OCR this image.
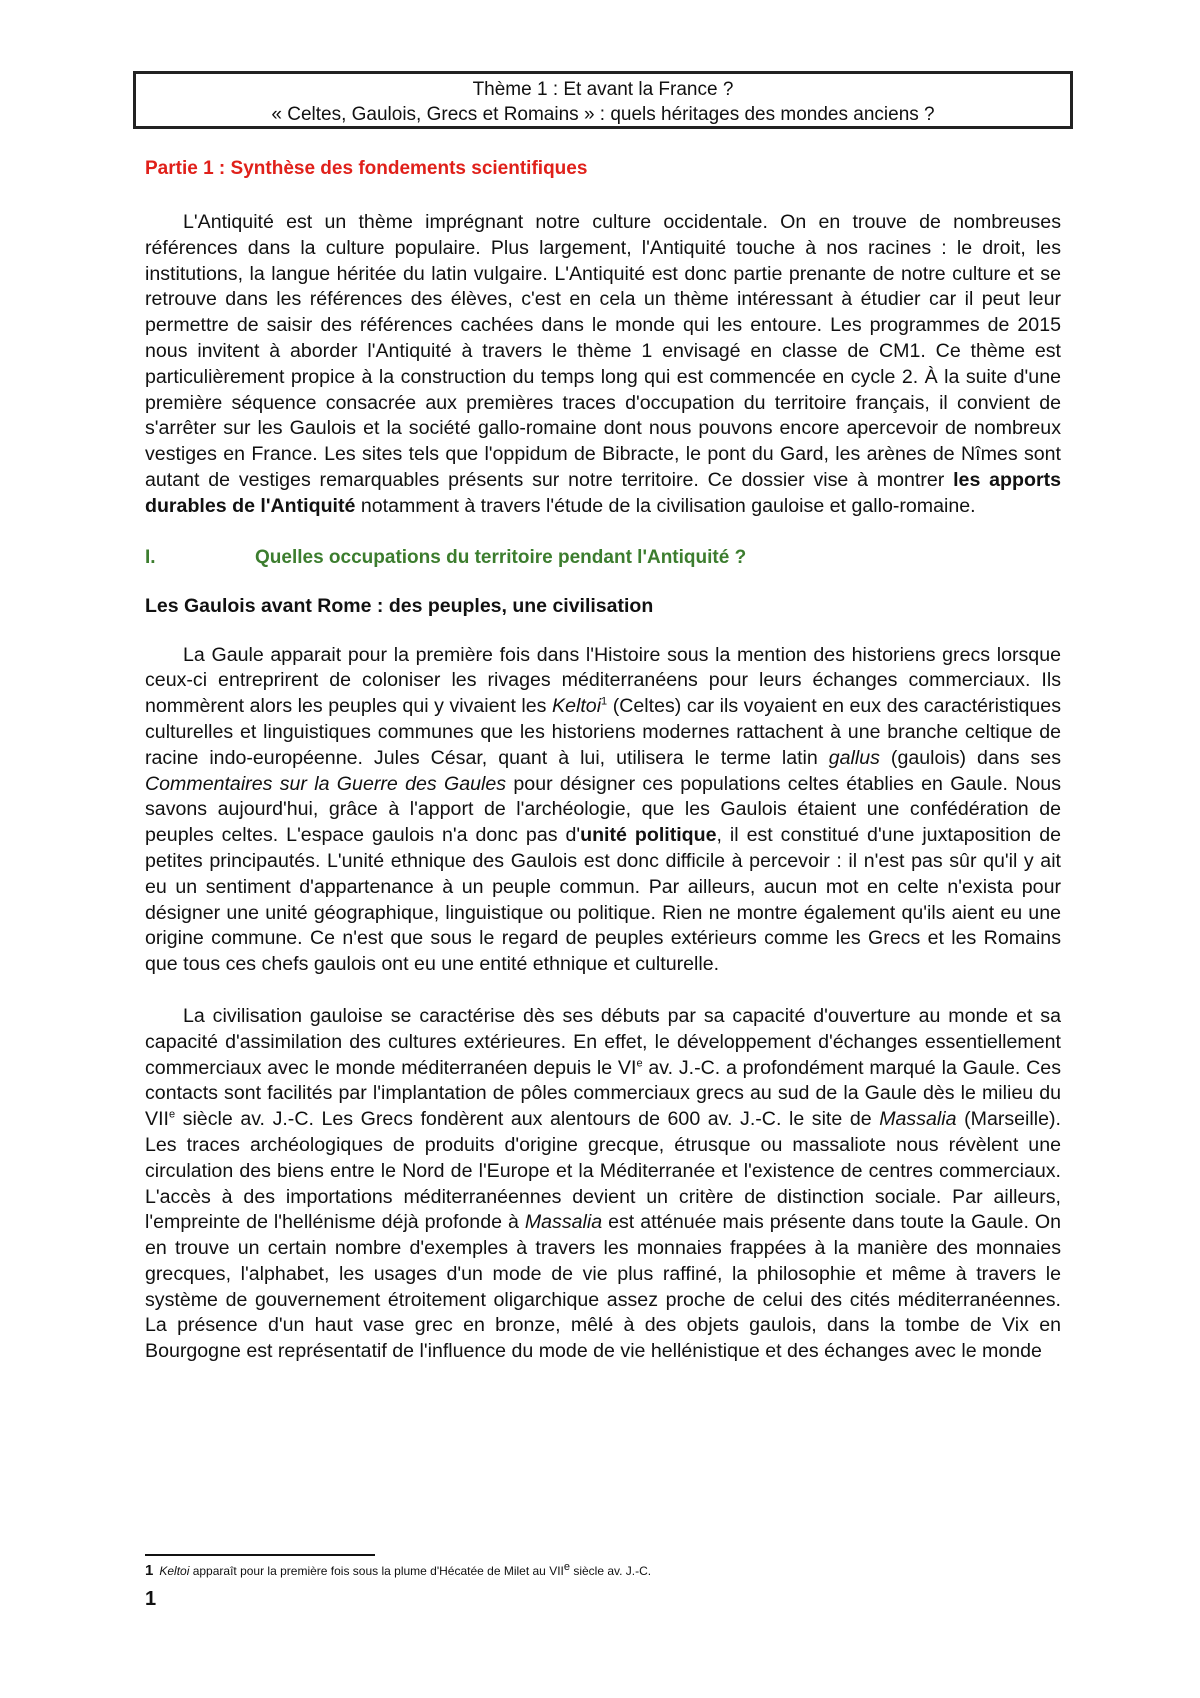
Thème 1 : Et avant la France ?
« Celtes, Gaulois, Grecs et Romains » : quels héritages des mondes anciens ?
Partie 1 : Synthèse des fondements scientifiques

L'Antiquité est un thème imprégnant notre culture occidentale. On en trouve de nombreuses références dans la culture populaire. Plus largement, l'Antiquité touche à nos racines : le droit, les institutions, la langue héritée du latin vulgaire. L'Antiquité est donc partie prenante de notre culture et se retrouve dans les références des élèves, c'est en cela un thème intéressant à étudier car il peut leur permettre de saisir des références cachées dans le monde qui les entoure. Les programmes de 2015 nous invitent à aborder l'Antiquité à travers le thème 1 envisagé en classe de CM1. Ce thème est particulièrement propice à la construction du temps long qui est commencée en cycle 2. À la suite d'une première séquence consacrée aux premières traces d'occupation du territoire français, il convient de s'arrêter sur les Gaulois et la société gallo-romaine dont nous pouvons encore apercevoir de nombreux vestiges en France. Les sites tels que l'oppidum de Bibracte, le pont du Gard, les arènes de Nîmes sont autant de vestiges remarquables présents sur notre territoire. Ce dossier vise à montrer les apports durables de l'Antiquité notamment à travers l'étude de la civilisation gauloise et gallo-romaine.

I.	Quelles occupations du territoire pendant l'Antiquité ?
Les Gaulois avant Rome : des peuples, une civilisation

La Gaule apparait pour la première fois dans l'Histoire sous la mention des historiens grecs lorsque ceux-ci entreprirent de coloniser les rivages méditerranéens pour leurs échanges commerciaux. Ils nommèrent alors les peuples qui y vivaient les Keltoi$^1$ (Celtes) car ils voyaient en eux des caractéristiques culturelles et linguistiques communes que les historiens modernes rattachent à une branche celtique de racine indo-européenne. Jules César, quant à lui, utilisera le terme latin gallus (gaulois) dans ses Commentaires sur la Guerre des Gaules pour désigner ces populations celtes établies en Gaule. Nous savons aujourd'hui, grâce à l'apport de l'archéologie, que les Gaulois étaient une confédération de peuples celtes. L'espace gaulois n'a donc pas d'unité politique, il est constitué d'une juxtaposition de petites principautés. L'unité ethnique des Gaulois est donc difficile à percevoir : il n'est pas sûr qu'il y ait eu un sentiment d'appartenance à un peuple commun. Par ailleurs, aucun mot en celte n'exista pour désigner une unité géographique, linguistique ou politique. Rien ne montre également qu'ils aient eu une origine commune. Ce n'est que sous le regard de peuples extérieurs comme les Grecs et les Romains que tous ces chefs gaulois ont eu une entité ethnique et culturelle.

La civilisation gauloise se caractérise dès ses débuts par sa capacité d'ouverture au monde et sa capacité d'assimilation des cultures extérieures. En effet, le développement d'échanges essentiellement commerciaux avec le monde méditerranéen depuis le VIe av. J.-C. a profondément marqué la Gaule. Ces contacts sont facilités par l'implantation de pôles commerciaux grecs au sud de la Gaule dès le milieu du VIIe siècle av. J.-C. Les Grecs fondèrent aux alentours de 600 av. J.-C. le site de Massalia (Marseille). Les traces archéologiques de produits d'origine grecque, étrusque ou massaliote nous révèlent une circulation des biens entre le Nord de l'Europe et la Méditerranée et l'existence de centres commerciaux. L'accès à des importations méditerranéennes devient un critère de distinction sociale. Par ailleurs, l'empreinte de l'hellénisme déjà profonde à Massalia est atténuée mais présente dans toute la Gaule. On en trouve un certain nombre d'exemples à travers les monnaies frappées à la manière des monnaies grecques, l'alphabet, les usages d'un mode de vie plus raffiné, la philosophie et même à travers le système de gouvernement étroitement oligarchique assez proche de celui des cités méditerranéennes. La présence d'un haut vase grec en bronze, mêlé à des objets gaulois, dans la tombe de Vix en Bourgogne est représentatif de l'influence du mode de vie hellénistique et des échanges avec le monde

1 Keltoi apparaît pour la première fois sous la plume d'Hécatée de Milet au VIIe siècle av. J.-C.
1
